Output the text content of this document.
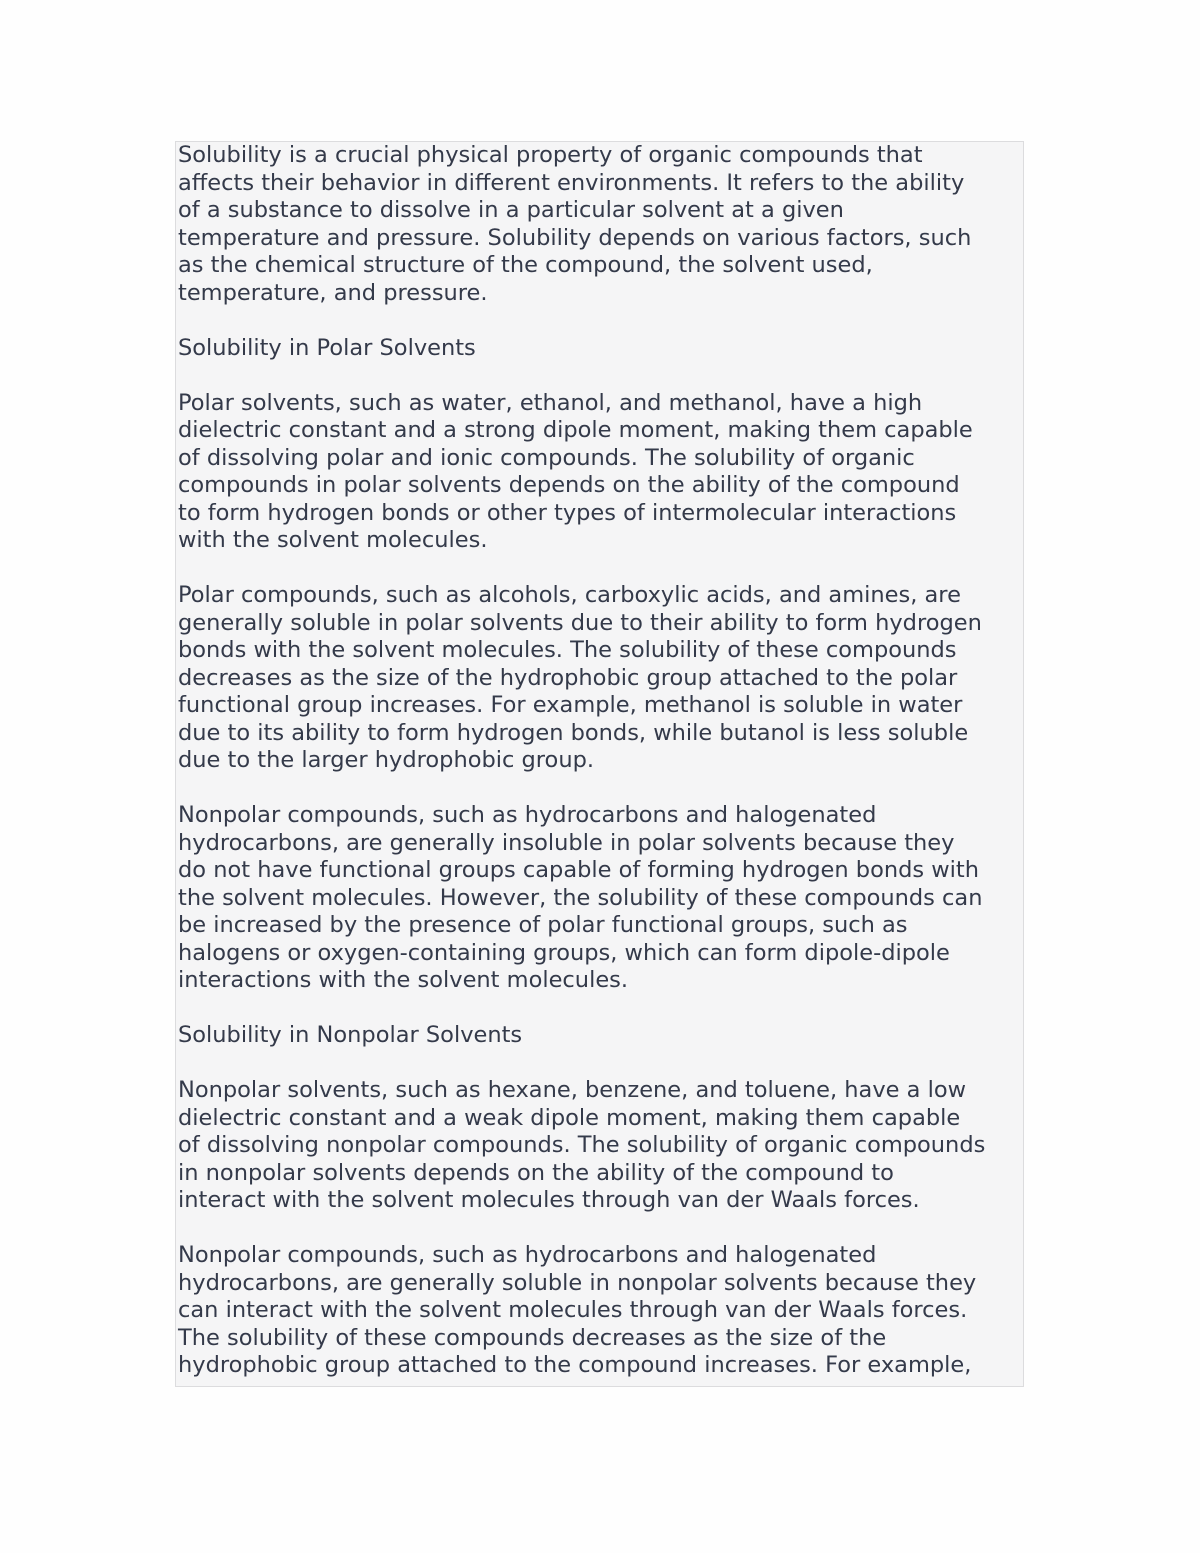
Solubility is a crucial physical property of organic compounds that
affects their behavior in different environments. It refers to the ability
of a substance to dissolve in a particular solvent at a given
temperature and pressure. Solubility depends on various factors, such
as the chemical structure of the compound, the solvent used,
temperature, and pressure.

Solubility in Polar Solvents

Polar solvents, such as water, ethanol, and methanol, have a high
dielectric constant and a strong dipole moment, making them capable
of dissolving polar and ionic compounds. The solubility of organic
compounds in polar solvents depends on the ability of the compound
to form hydrogen bonds or other types of intermolecular interactions
with the solvent molecules.

Polar compounds, such as alcohols, carboxylic acids, and amines, are
generally soluble in polar solvents due to their ability to form hydrogen
bonds with the solvent molecules. The solubility of these compounds
decreases as the size of the hydrophobic group attached to the polar
functional group increases. For example, methanol is soluble in water
due to its ability to form hydrogen bonds, while butanol is less soluble
due to the larger hydrophobic group.

Nonpolar compounds, such as hydrocarbons and halogenated
hydrocarbons, are generally insoluble in polar solvents because they
do not have functional groups capable of forming hydrogen bonds with
the solvent molecules. However, the solubility of these compounds can
be increased by the presence of polar functional groups, such as
halogens or oxygen-containing groups, which can form dipole-dipole
interactions with the solvent molecules.

Solubility in Nonpolar Solvents

Nonpolar solvents, such as hexane, benzene, and toluene, have a low
dielectric constant and a weak dipole moment, making them capable
of dissolving nonpolar compounds. The solubility of organic compounds
in nonpolar solvents depends on the ability of the compound to
interact with the solvent molecules through van der Waals forces.

Nonpolar compounds, such as hydrocarbons and halogenated
hydrocarbons, are generally soluble in nonpolar solvents because they
can interact with the solvent molecules through van der Waals forces.
The solubility of these compounds decreases as the size of the
hydrophobic group attached to the compound increases. For example,
